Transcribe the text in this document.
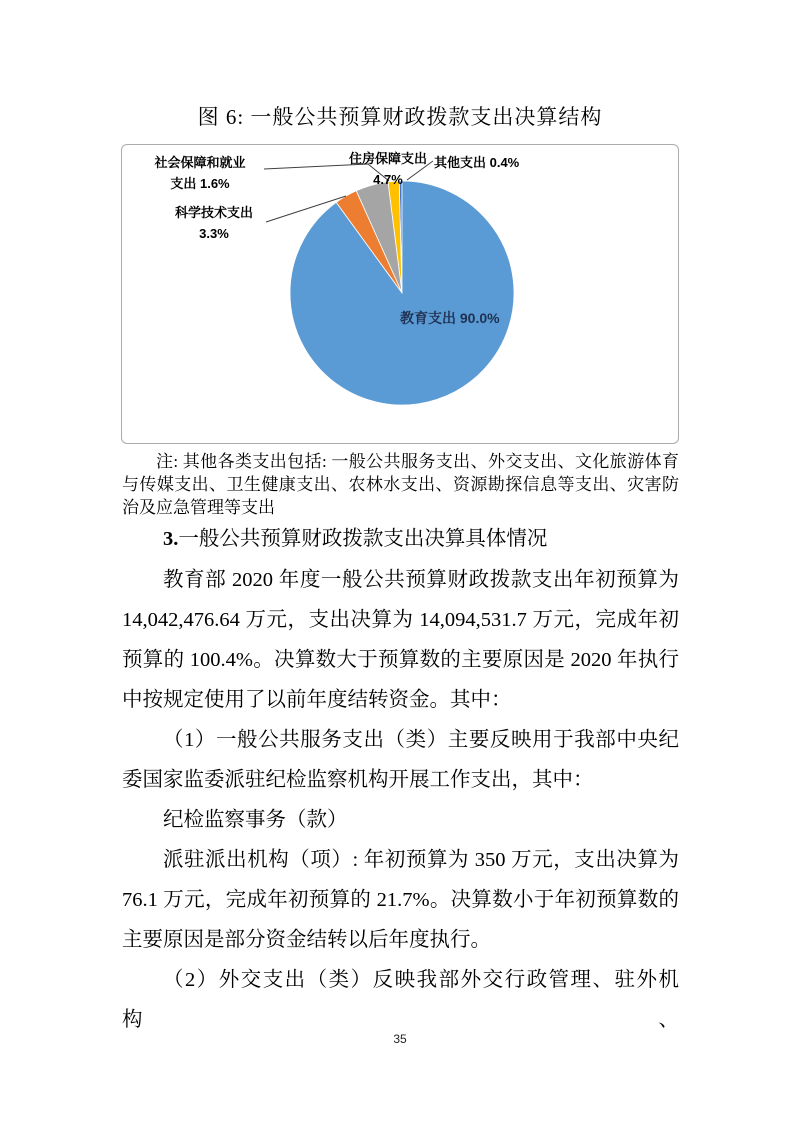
图 6: 一般公共预算财政拨款支出决算结构
社会保障和就业
支出 1.6%
科学技术支出
3.3%
住房保障支出
4.7%
其他支出 0.4%
教育支出 90.0%
注: 其他各类支出包括: 一般公共服务支出、外交支出、文化旅游体育与传媒支出、卫生健康支出、农林水支出、资源勘探信息等支出、灾害防治及应急管理等支出
3.一般公共预算财政拨款支出决算具体情况

教育部 2020 年度一般公共预算财政拨款支出年初预算为 14,042,476.64 万元，支出决算为 14,094,531.7 万元，完成年初预算的 100.4%。决算数大于预算数的主要原因是 2020 年执行中按规定使用了以前年度结转资金。其中：

（1）一般公共服务支出（类）主要反映用于我部中央纪委国家监委派驻纪检监察机构开展工作支出，其中：

纪检监察事务（款）

派驻派出机构（项）: 年初预算为 350 万元，支出决算为 76.1 万元，完成年初预算的 21.7%。决算数小于年初预算数的主要原因是部分资金结转以后年度执行。

（2）外交支出（类）反映我部外交行政管理、驻外机构、

35
